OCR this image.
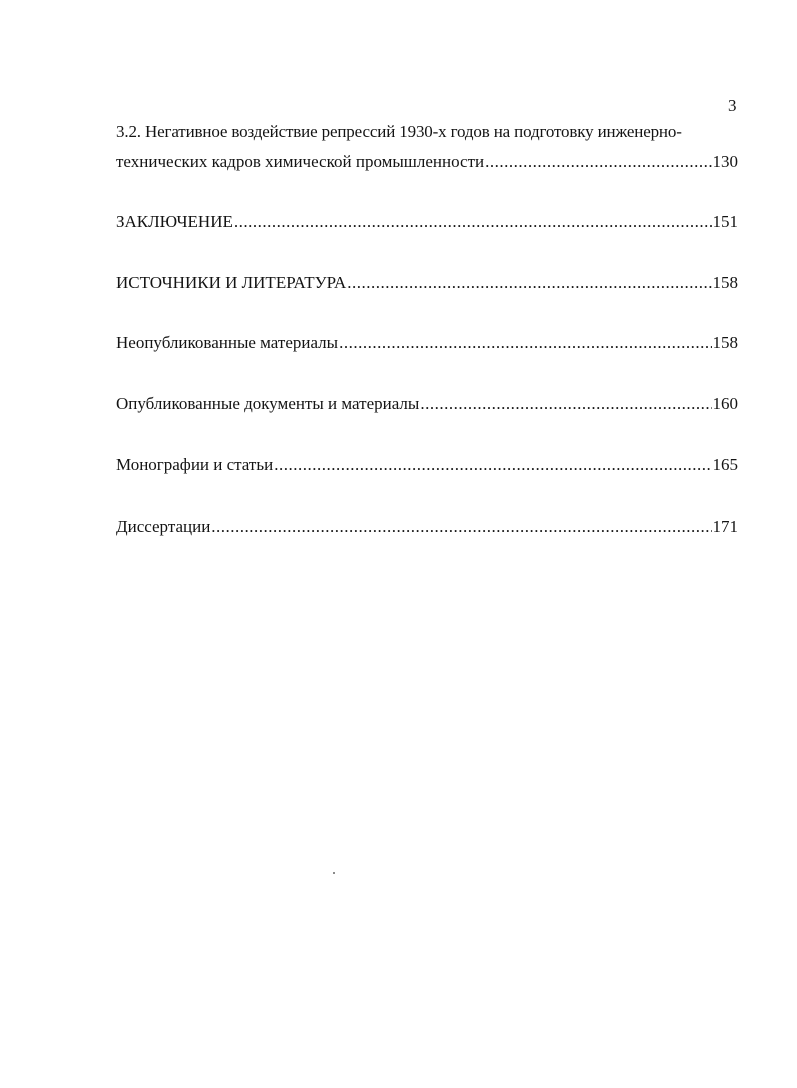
3
3.2. Негативное воздействие репрессий 1930-х годов на подготовку инженерно-
технических кадров химической промышленности .....	130
ЗАКЛЮЧЕНИЕ .....	151
ИСТОЧНИКИ И ЛИТЕРАТУРА .....	158
Неопубликованные материалы .....	158
Опубликованные документы и материалы .....	160
Монографии и статьи .....	165
Диссертации .....	171
